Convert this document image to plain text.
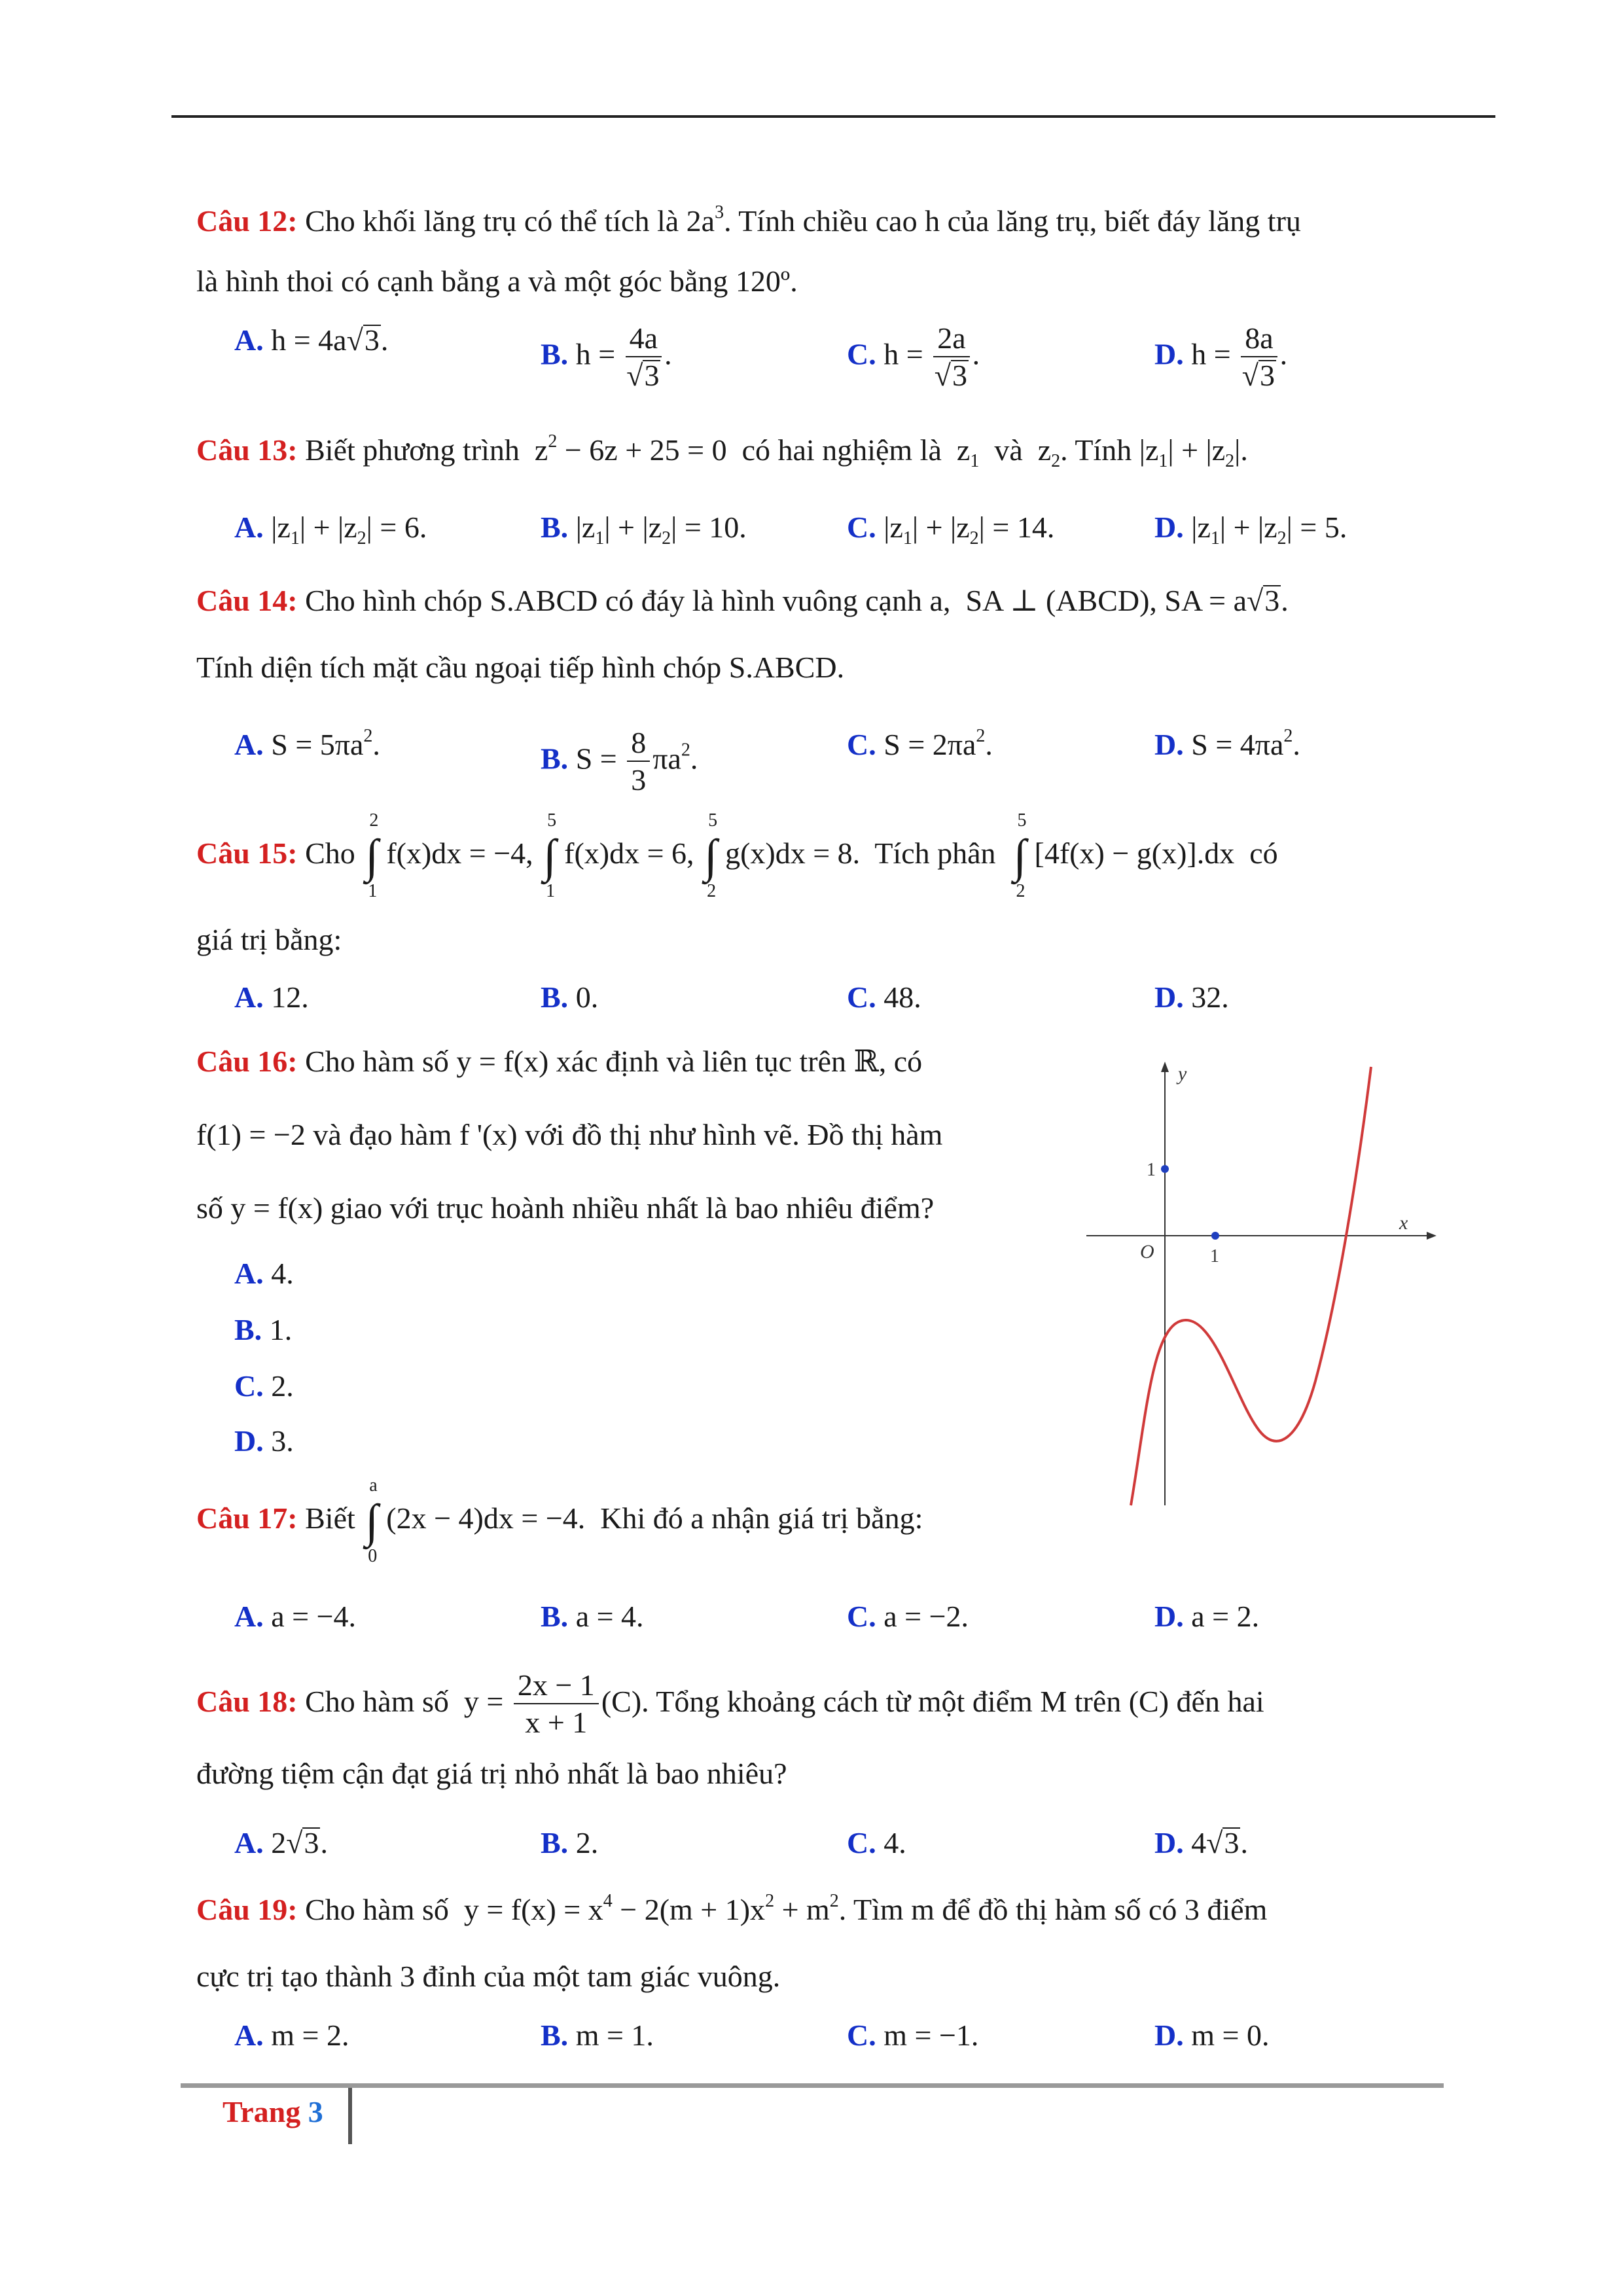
Câu 12: Cho khối lăng trụ có thể tích là $2a^3$. Tính chiều cao h của lăng trụ, biết đáy lăng trụ
là hình thoi có cạnh bằng a và một góc bằng 120º.
A. h = 4a√3.	B. $h = \frac{4a}{√3}$ .	C. $h = \frac{2a}{√3}$ .	D. $h = \frac{8a}{√3}$ .
Câu 13: Biết phương trình $z^2 - 6z + 25 = 0$ có hai nghiệm là $z_1$ và $z_2$. Tính $|z_1| + |z_2|$.
A. $|z_1| + |z_2| = 6$.	B. $|z_1| + |z_2| = 10$.	C. $|z_1| + |z_2| = 14$.	D. $|z_1| + |z_2| = 5$.
Câu 14: Cho hình chóp S.ABCD có đáy là hình vuông cạnh a, SA ⊥ (ABCD), SA = a√3.
Tính diện tích mặt cầu ngoại tiếp hình chóp S.ABCD.
A. $S = 5\pi a^2$.	B. $S = \frac{8}{3} \pi a^2$.	C. $S = 2\pi a^2$.	D. $S = 4\pi a^2$.
Câu 15: Cho
2
∫
1
f(x)dx = −4,
5
∫
1
f(x)dx = 6,
5
∫
2
g(x)dx = 8. Tích phân
5
∫
2
[4f(x) − g(x)].dx có
giá trị bằng:
A. 12.	B. 0.	C. 48.	D. 32.
Câu 16: Cho hàm số y = f(x) xác định và liên tục trên ℝ, có
f(1) = −2 và đạo hàm f '(x) với đồ thị như hình vẽ. Đồ thị hàm
số y = f(x) giao với trục hoành nhiều nhất là bao nhiêu điểm?
A. 4.
B. 1.
C. 2.
D. 3.
y
x
O
1
1
Câu 17: Biết
a
∫
0
(2x − 4)dx = −4. Khi đó a nhận giá trị bằng:
A. a = −4.	B. a = 4.	C. a = −2.	D. a = 2.
Câu 18: Cho hàm số $y = \frac{2x - 1}{x + 1} (C)$. Tổng khoảng cách từ một điểm M trên (C) đến hai
đường tiệm cận đạt giá trị nhỏ nhất là bao nhiêu?
A. 2√3.	B. 2.	C. 4.	D. 4√3.
Câu 19: Cho hàm số $y = f(x) = x^4 - 2(m + 1)x^2 + m^2$. Tìm m để đồ thị hàm số có 3 điểm
cực trị tạo thành 3 đỉnh của một tam giác vuông.
A. m = 2.	B. m = 1.	C. m = −1.	D. m = 0.
Trang 3
